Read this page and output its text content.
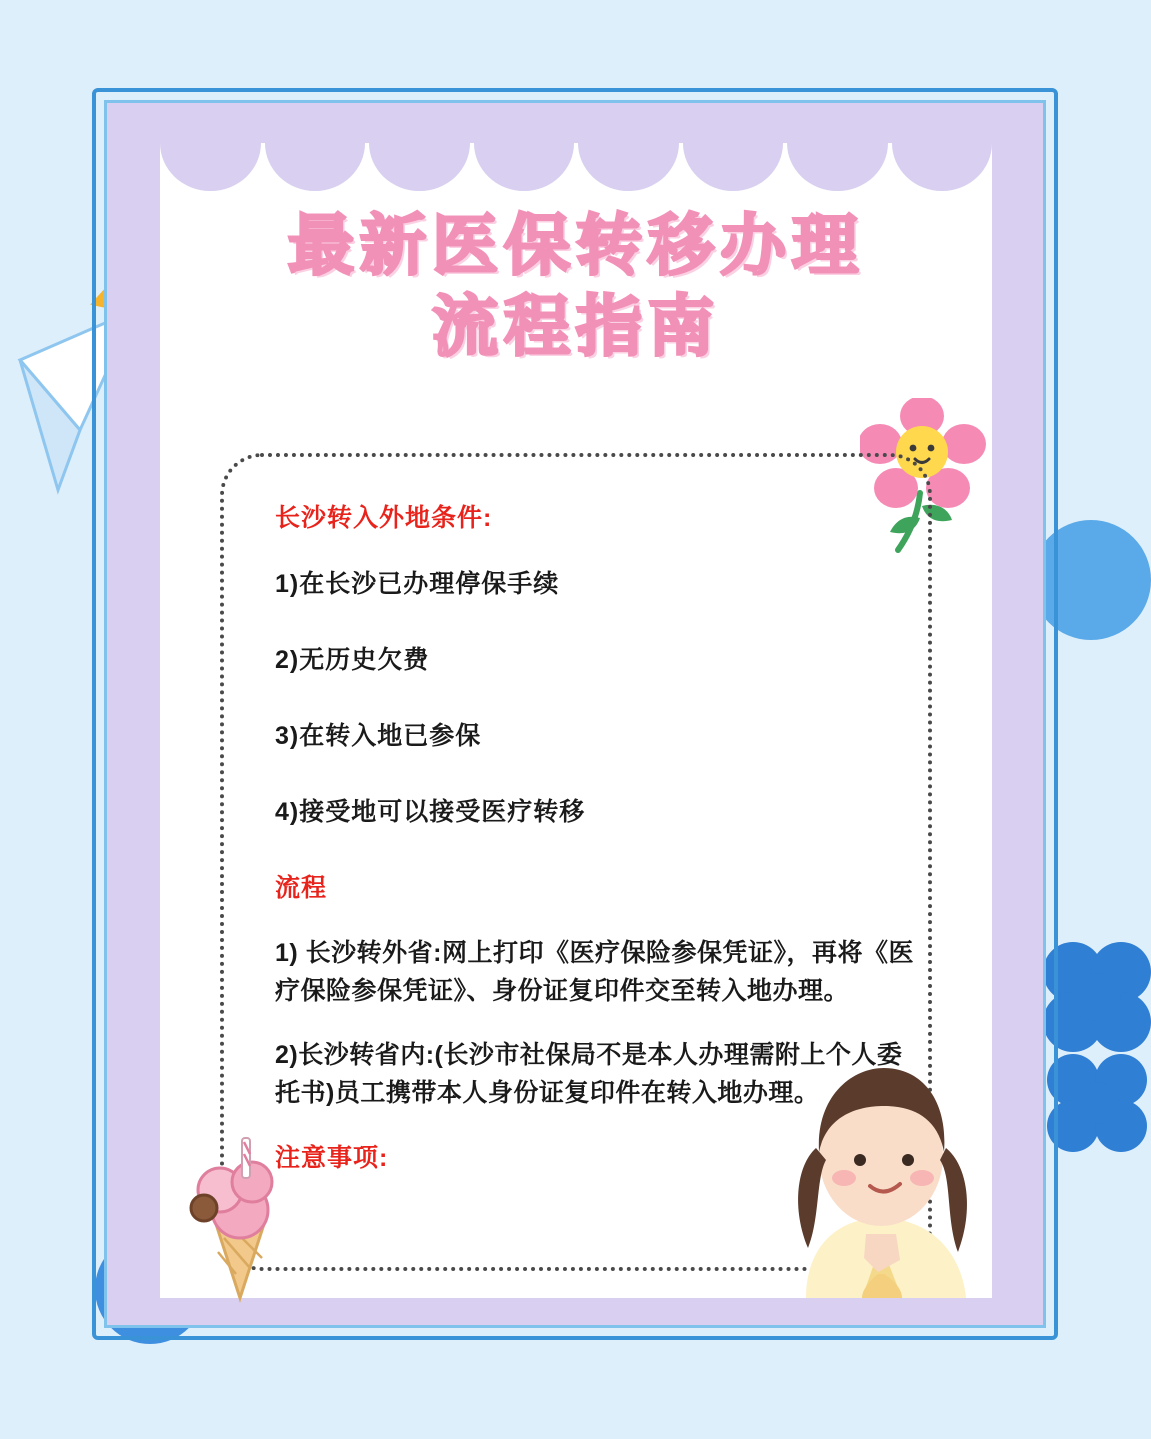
最新医保转移办理
流程指南

长沙转入外地条件:

1)在长沙已办理停保手续

2)无历史欠费

3)在转入地已参保

4)接受地可以接受医疗转移

流程

1) 长沙转外省:网上打印《医疗保险参保凭证》，再将《医疗保险参保凭证》、身份证复印件交至转入地办理。

2)长沙转省内:(长沙市社保局不是本人办理需附上个人委托书)员工携带本人身份证复印件在转入地办理。

注意事项:
